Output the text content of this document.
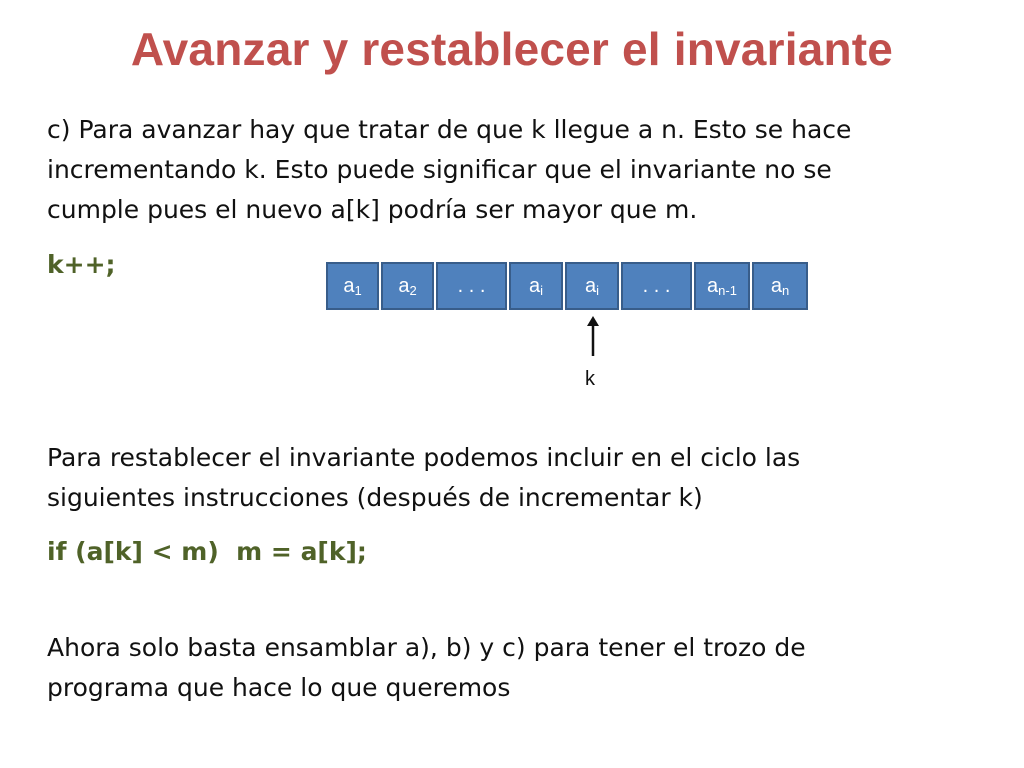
Avanzar y restablecer el invariante
c) Para avanzar hay que tratar de que k llegue a n. Esto se hace incrementando k. Esto puede significar que el invariante no se cumple pues el nuevo a[k] podría ser mayor que m.
k++;
$a_1$ $a_2$ . . . $a_i$ $a_i$ . . . $a_{n-1}$ $a_n$
k
Para restablecer el invariante podemos incluir en el ciclo las siguientes instrucciones (después de incrementar k)
if (a[k] < m)  m = a[k];
Ahora solo basta ensamblar a), b) y c) para tener el trozo de programa que hace lo que queremos
